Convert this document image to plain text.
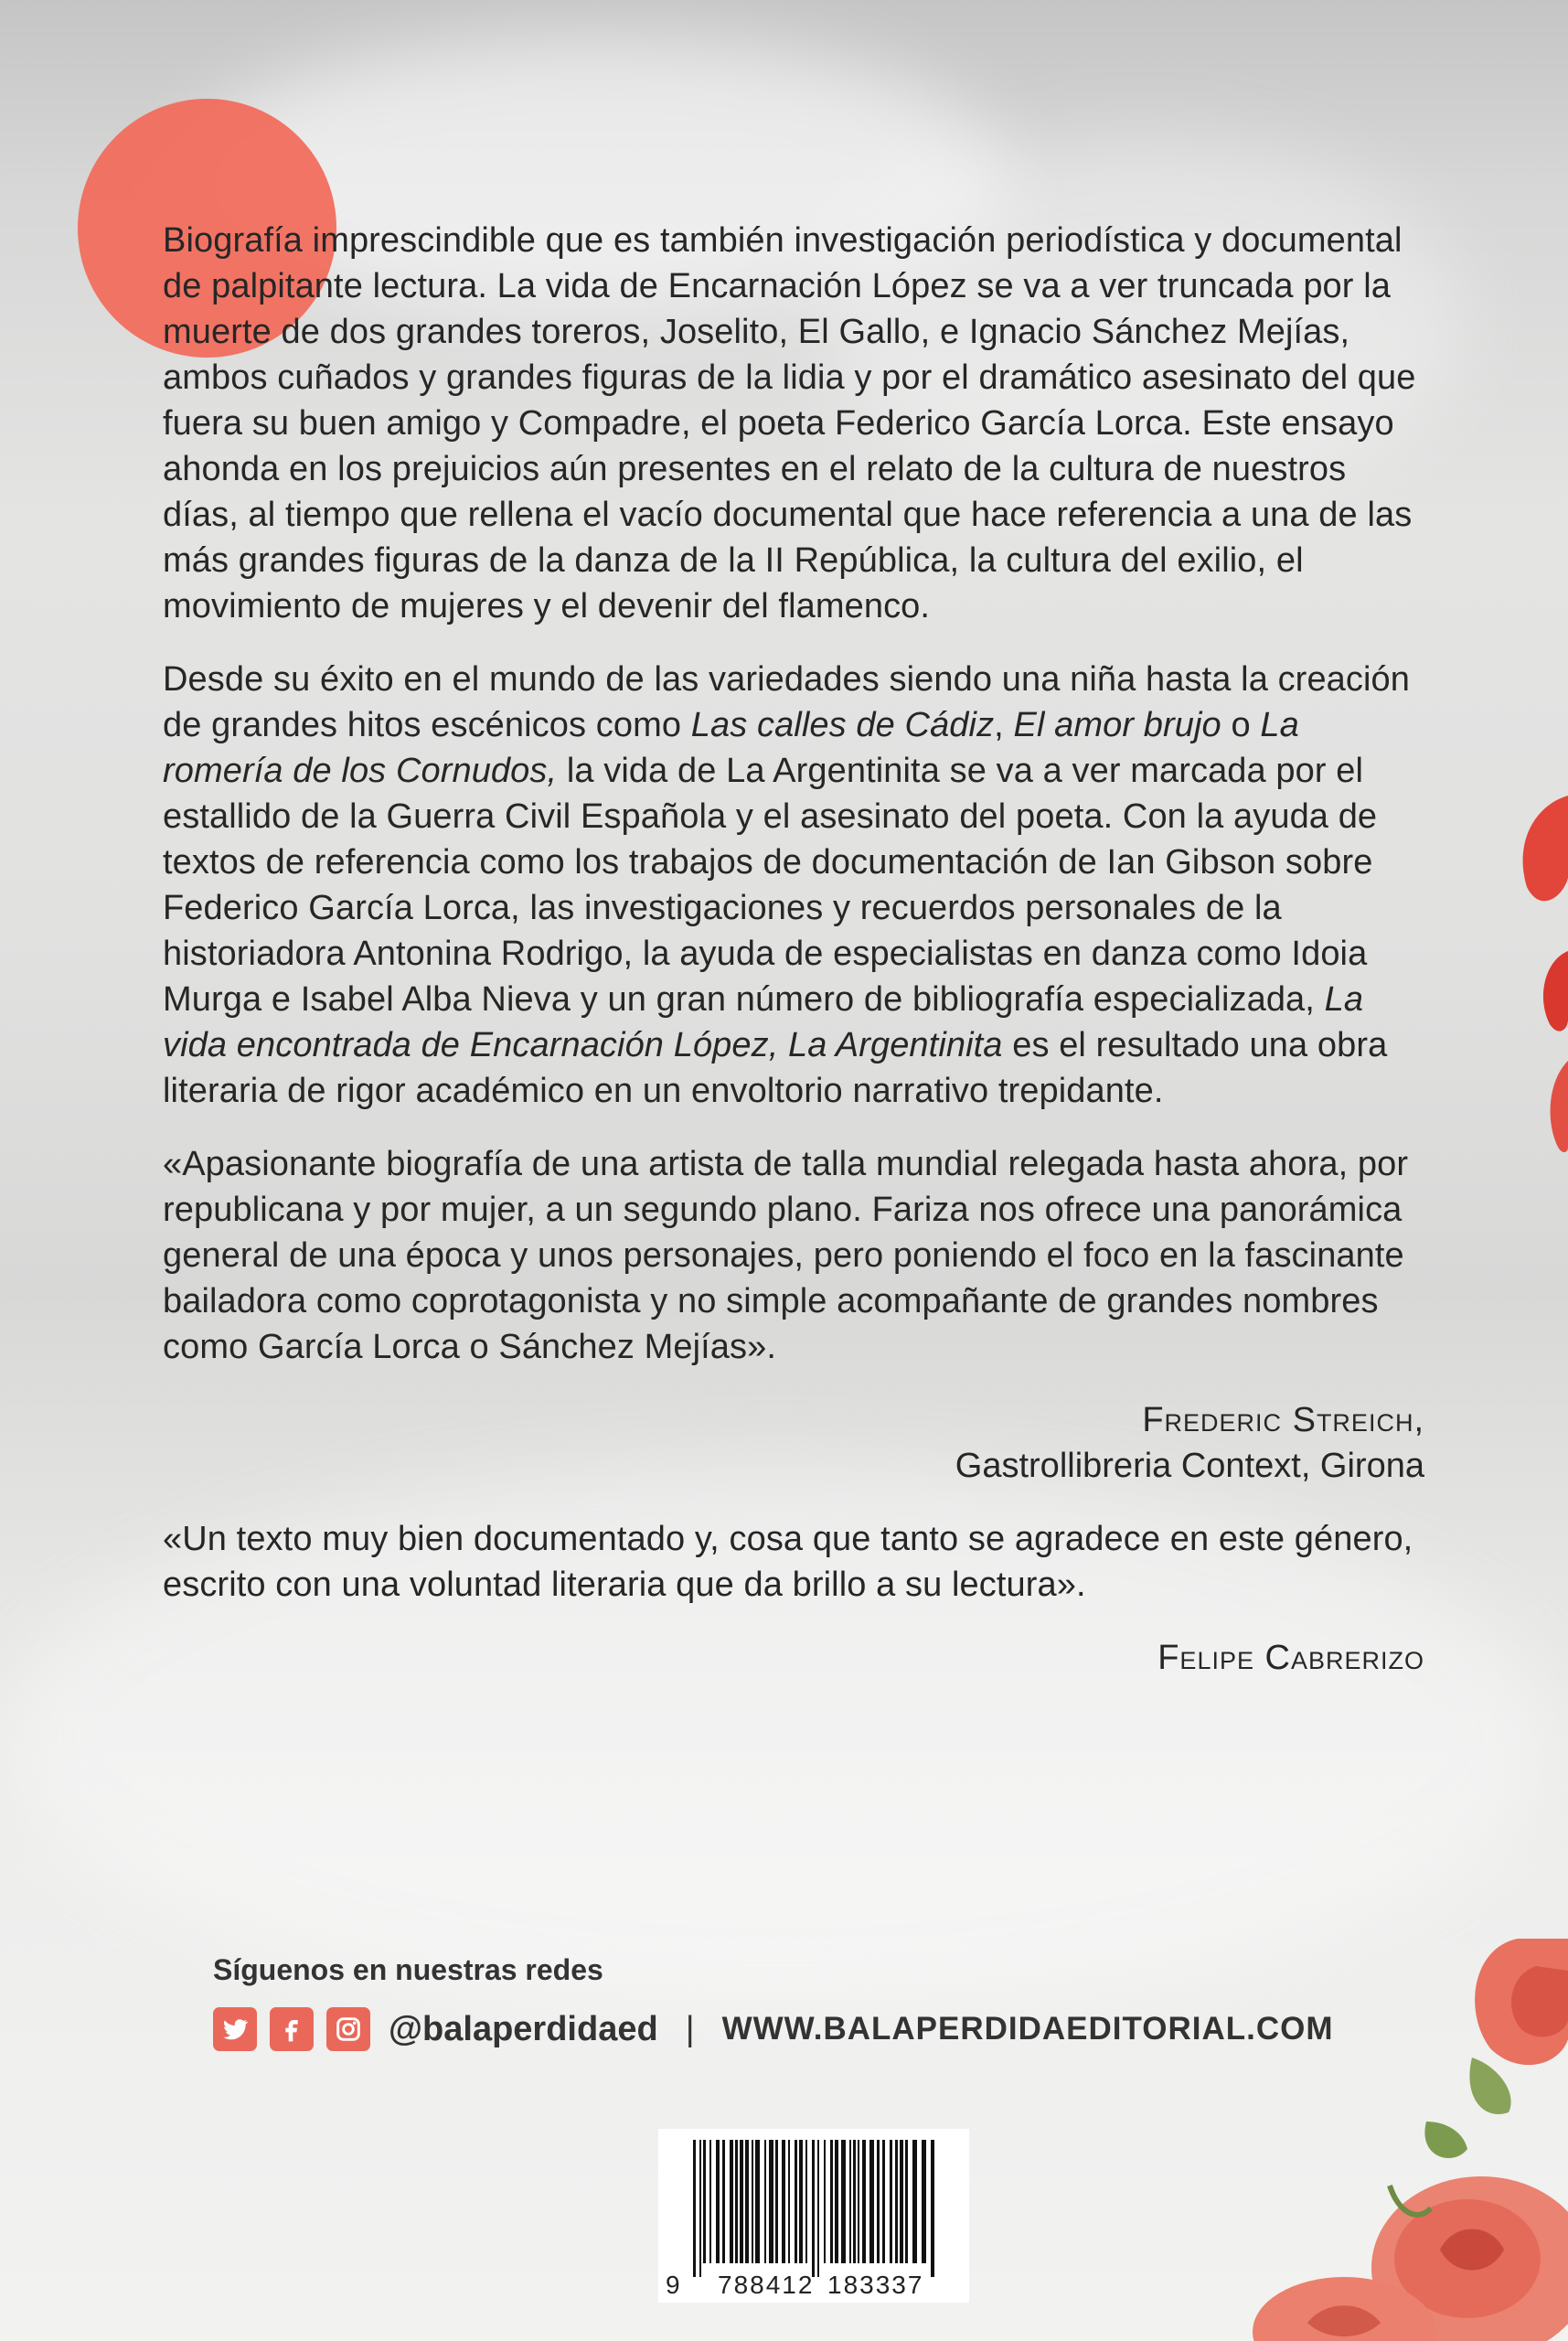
Biografía imprescindible que es también investigación periodística y documental de palpitante lectura. La vida de Encarnación López se va a ver truncada por la muerte de dos grandes toreros, Joselito, El Gallo, e Ignacio Sánchez Mejías, ambos cuñados y grandes figuras de la lidia y por el dramático asesinato del que fuera su buen amigo y Compadre, el poeta Federico García Lorca. Este ensayo ahonda en los prejuicios aún presentes en el relato de la cultura de nuestros días, al tiempo que rellena el vacío documental que hace referencia a una de las más grandes figuras de la danza de la II República, la cultura del exilio, el movimiento de mujeres y el devenir del flamenco.

Desde su éxito en el mundo de las variedades siendo una niña hasta la creación de grandes hitos escénicos como Las calles de Cádiz, El amor brujo o La romería de los Cornudos, la vida de La Argentinita se va a ver marcada por el estallido de la Guerra Civil Española y el asesinato del poeta. Con la ayuda de textos de referencia como los trabajos de documentación de Ian Gibson sobre Federico García Lorca, las investigaciones y recuerdos personales de la historiadora Antonina Rodrigo, la ayuda de especialistas en danza como Idoia Murga e Isabel Alba Nieva y un gran número de bibliografía especializada, La vida encontrada de Encarnación López, La Argentinita es el resultado una obra literaria de rigor académico en un envoltorio narrativo trepidante.

«Apasionante biografía de una artista de talla mundial relegada hasta ahora, por republicana y por mujer, a un segundo plano. Fariza nos ofrece una panorámica general de una época y unos personajes, pero poniendo el foco en la fascinante bailadora como coprotagonista y no simple acompañante de grandes nombres como García Lorca o Sánchez Mejías».

Frederic Streich,
Gastrollibreria Context, Girona

«Un texto muy bien documentado y, cosa que tanto se agradece en este género, escrito con una voluntad literaria que da brillo a su lectura».

Felipe Cabrerizo
Síguenos en nuestras redes
@balaperdidaed | WWW.BALAPERDIDAEDITORIAL.COM
9 788412 183337
